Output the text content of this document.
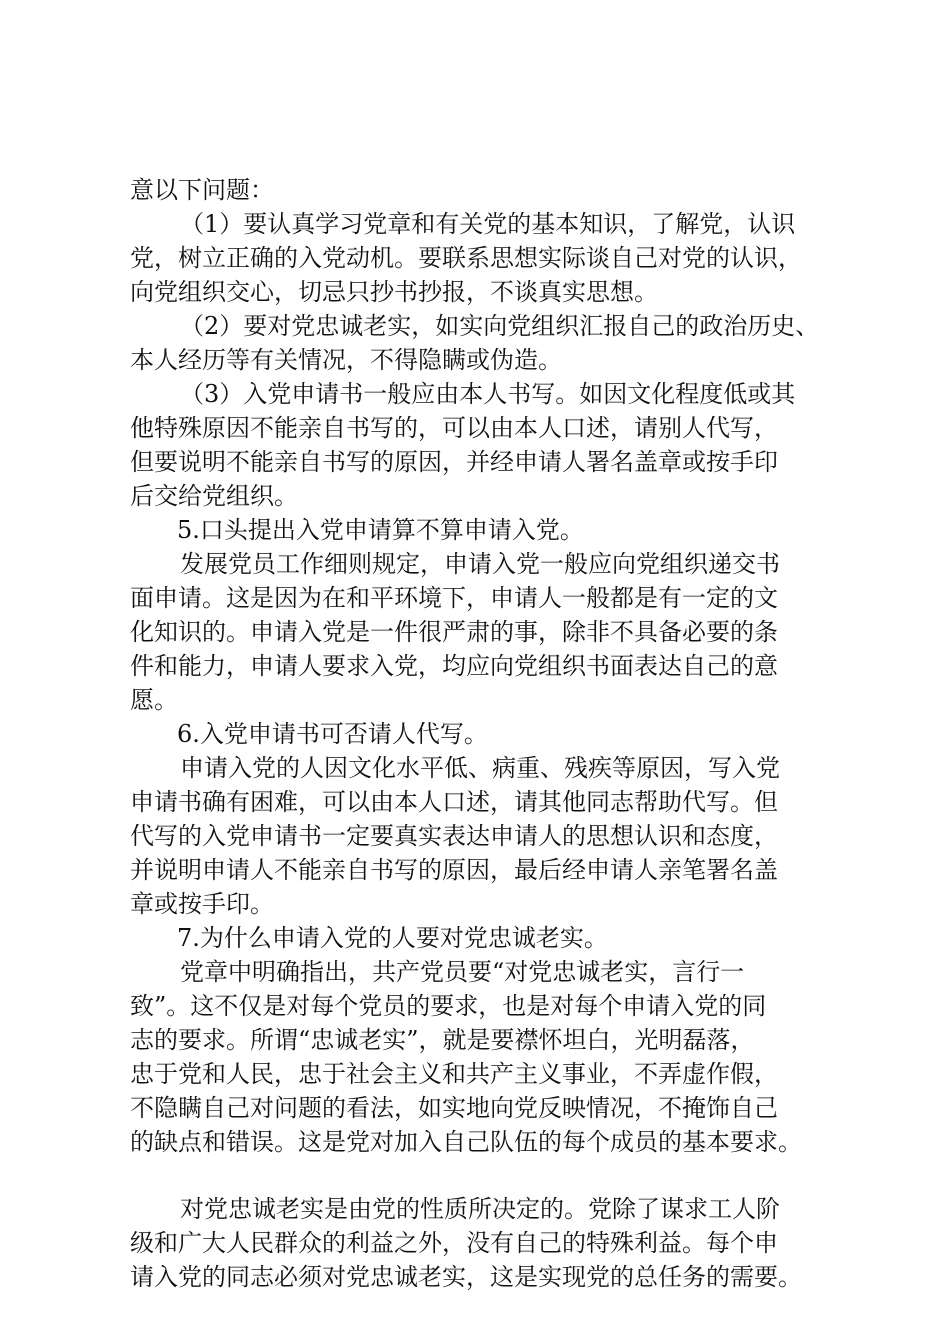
意以下问题：
（1）要认真学习党章和有关党的基本知识，了解党，认识
党，树立正确的入党动机。要联系思想实际谈自己对党的认识，
向党组织交心，切忌只抄书抄报，不谈真实思想。
（2）要对党忠诚老实，如实向党组织汇报自己的政治历史、
本人经历等有关情况，不得隐瞒或伪造。
（3）入党申请书一般应由本人书写。如因文化程度低或其
他特殊原因不能亲自书写的，可以由本人口述，请别人代写，
但要说明不能亲自书写的原因，并经申请人署名盖章或按手印
后交给党组织。
5.口头提出入党申请算不算申请入党。
发展党员工作细则规定，申请入党一般应向党组织递交书
面申请。这是因为在和平环境下，申请人一般都是有一定的文
化知识的。申请入党是一件很严肃的事，除非不具备必要的条
件和能力，申请人要求入党，均应向党组织书面表达自己的意
愿。
6.入党申请书可否请人代写。
申请入党的人因文化水平低、病重、残疾等原因，写入党
申请书确有困难，可以由本人口述，请其他同志帮助代写。但
代写的入党申请书一定要真实表达申请人的思想认识和态度，
并说明申请人不能亲自书写的原因，最后经申请人亲笔署名盖
章或按手印。
7.为什么申请入党的人要对党忠诚老实。
党章中明确指出，共产党员要“对党忠诚老实，言行一
致”。这不仅是对每个党员的要求，也是对每个申请入党的同
志的要求。所谓“忠诚老实”，就是要襟怀坦白，光明磊落，
忠于党和人民，忠于社会主义和共产主义事业，不弄虚作假，
不隐瞒自己对问题的看法，如实地向党反映情况，不掩饰自己
的缺点和错误。这是党对加入自己队伍的每个成员的基本要求。
对党忠诚老实是由党的性质所决定的。党除了谋求工人阶
级和广大人民群众的利益之外，没有自己的特殊利益。每个申
请入党的同志必须对党忠诚老实，这是实现党的总任务的需要。
